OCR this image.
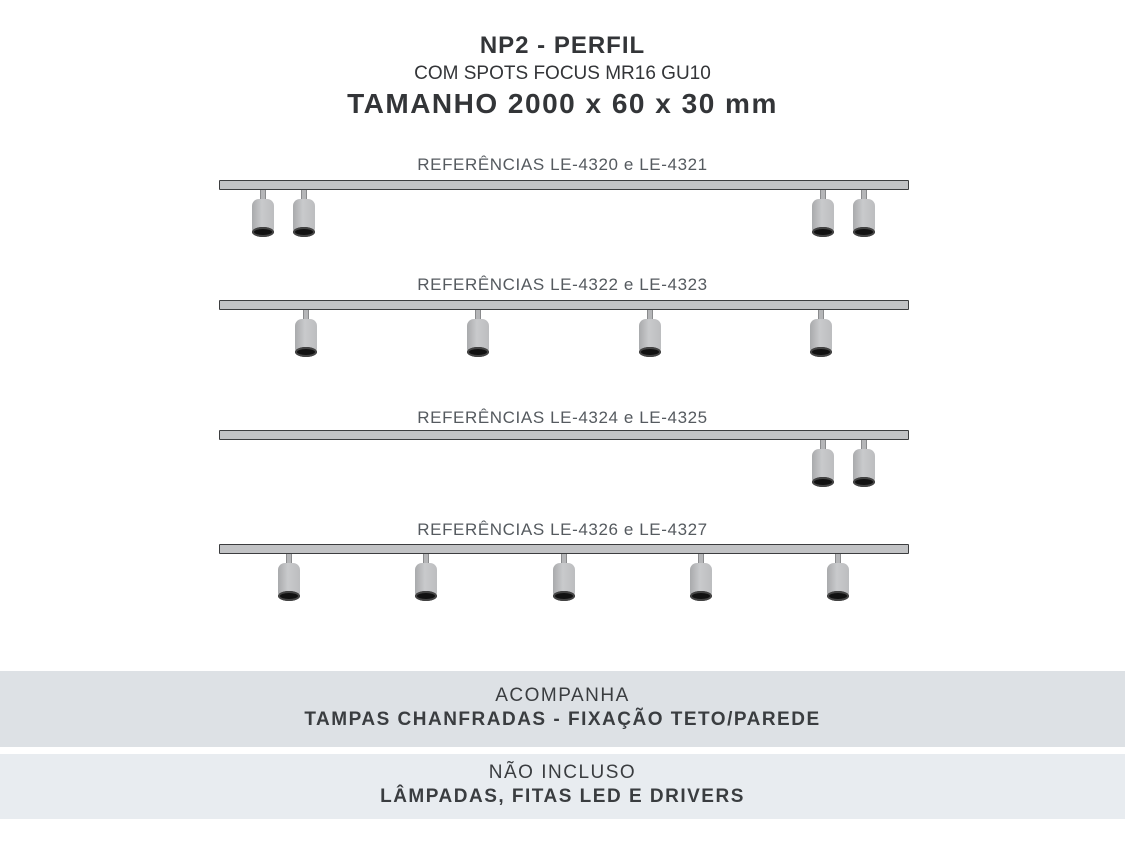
NP2 - PERFIL
COM SPOTS FOCUS MR16 GU10
TAMANHO 2000 x 60 x 30 mm
REFERÊNCIAS LE-4320 e LE-4321
REFERÊNCIAS LE-4322 e LE-4323
REFERÊNCIAS LE-4324 e LE-4325
REFERÊNCIAS LE-4326 e LE-4327
ACOMPANHA
TAMPAS CHANFRADAS - FIXAÇÃO TETO/PAREDE
NÃO INCLUSO
LÂMPADAS, FITAS LED E DRIVERS
